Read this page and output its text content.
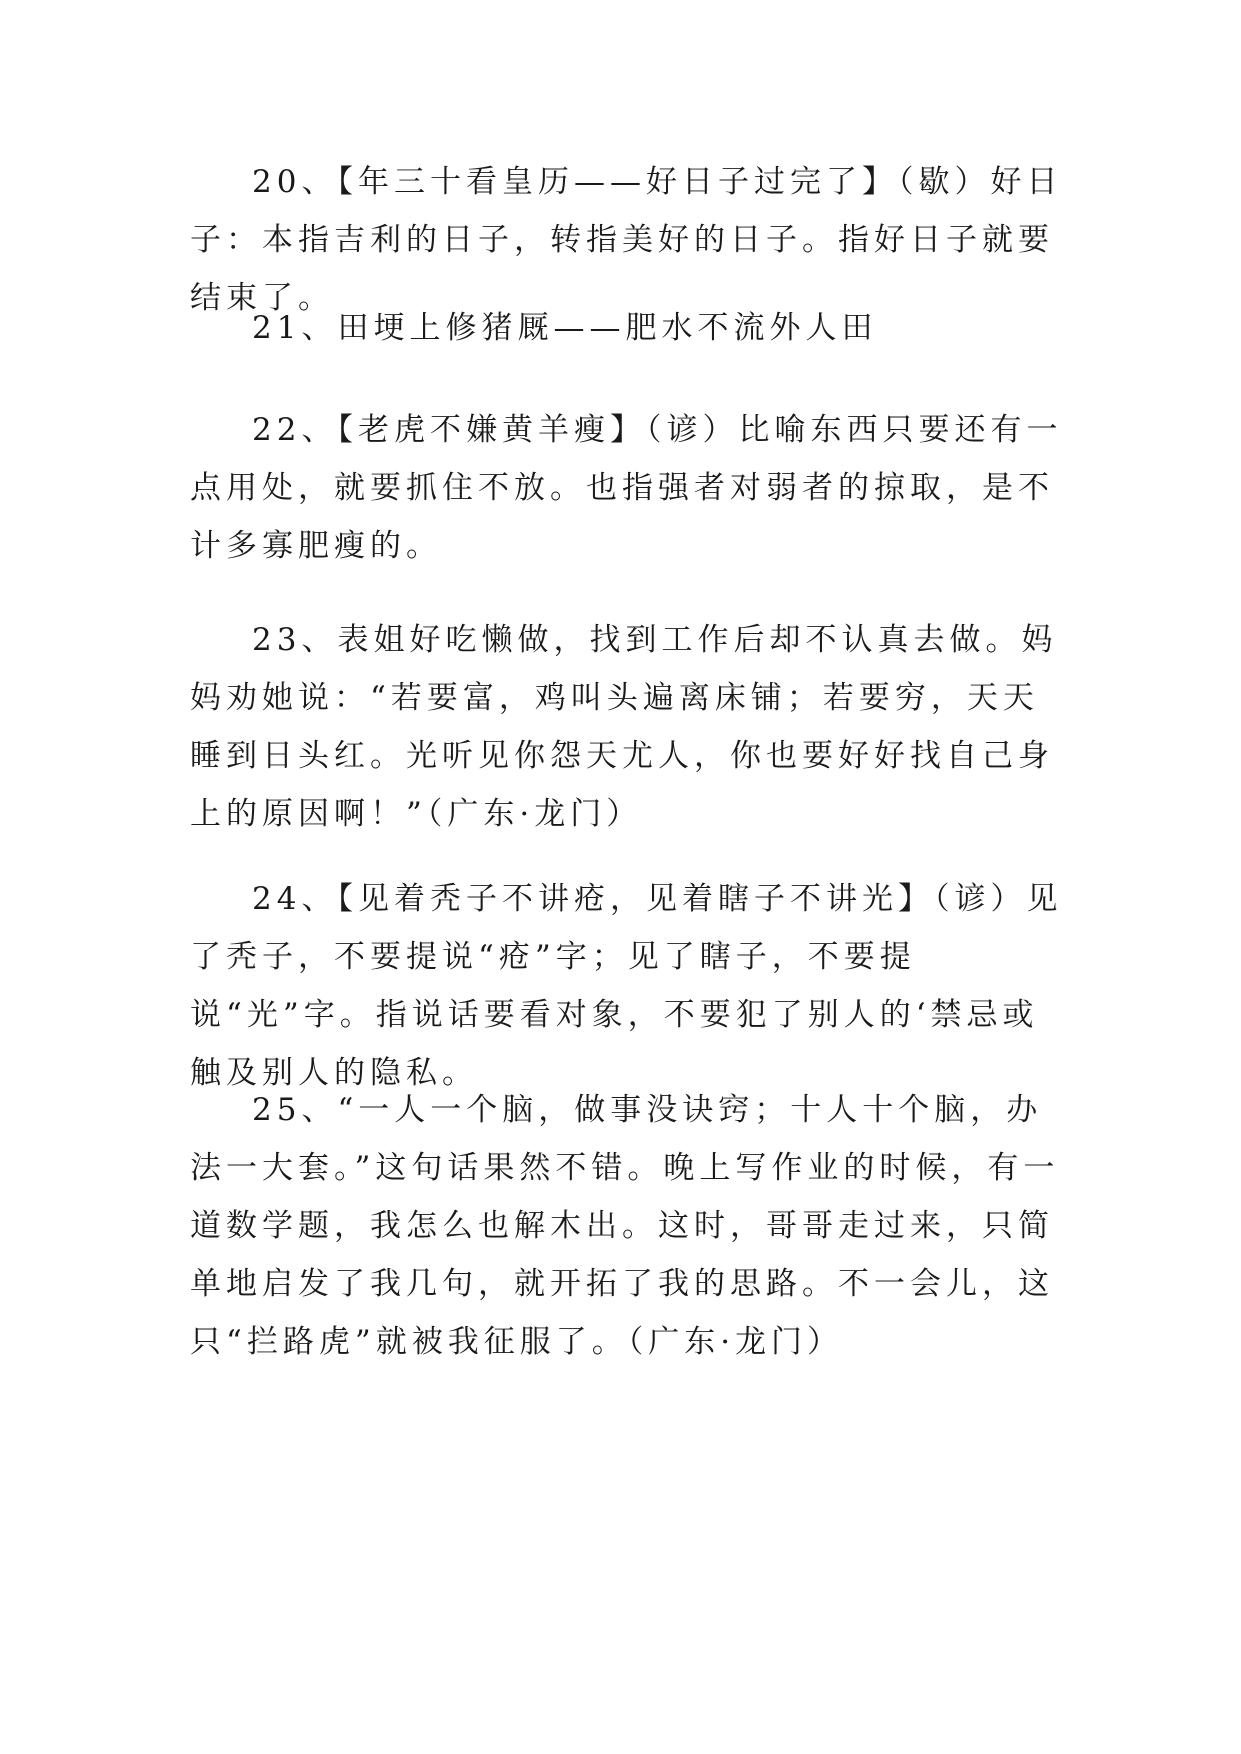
20、【年三十看皇历——好日子过完了】（歇）好日子：本指吉利的日子，转指美好的日子。指好日子就要结束了。

21、田埂上修猪厩——肥水不流外人田

22、【老虎不嫌黄羊瘦】（谚）比喻东西只要还有一点用处，就要抓住不放。也指强者对弱者的掠取，是不计多寡肥瘦的。

23、表姐好吃懒做，找到工作后却不认真去做。妈妈劝她说：“若要富，鸡叫头遍离床铺；若要穷，天天睡到日头红。光听见你怨天尤人，你也要好好找自己身上的原因啊！”（广东·龙门）

24、【见着秃子不讲疮，见着瞎子不讲光】（谚）见了秃子，不要提说“疮”字；见了瞎子，不要提说“光”字。指说话要看对象，不要犯了别人的‘禁忌或触及别人的隐私。

25、“一人一个脑，做事没诀窍；十人十个脑，办法一大套。”这句话果然不错。晚上写作业的时候，有一道数学题，我怎么也解木出。这时，哥哥走过来，只简单地启发了我几句，就开拓了我的思路。不一会儿，这只“拦路虎”就被我征服了。（广东·龙门）
